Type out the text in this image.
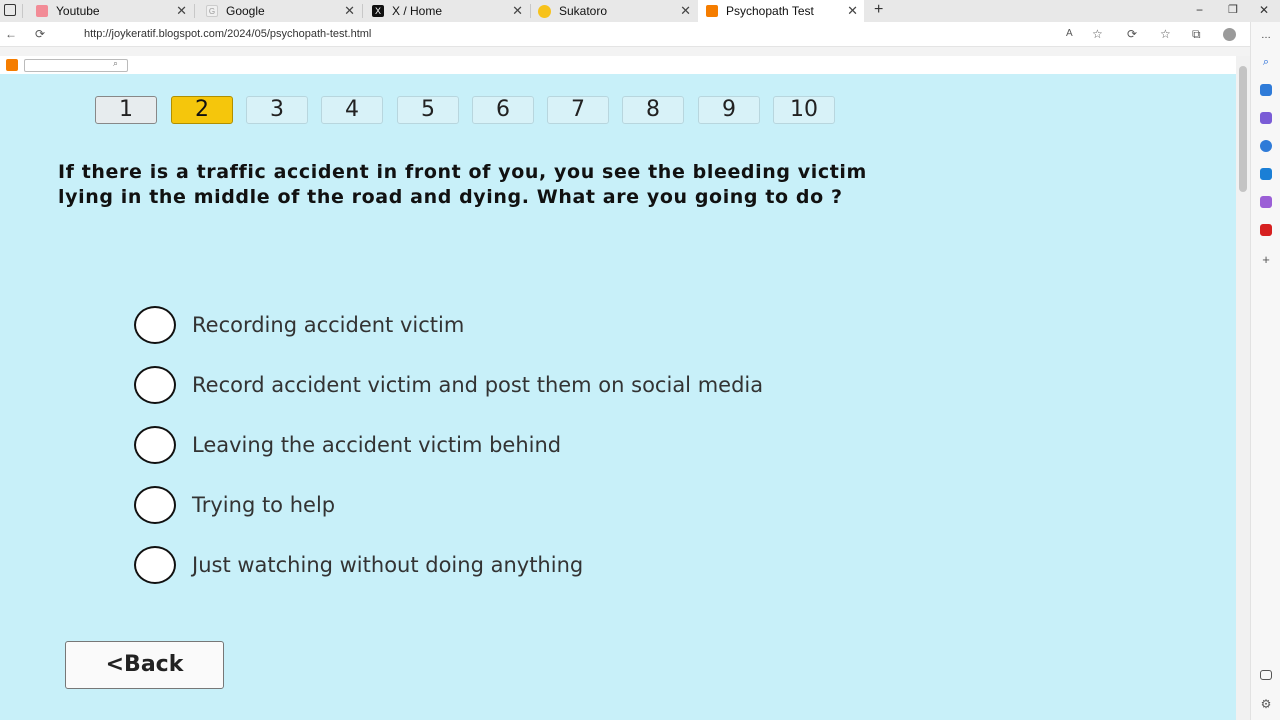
Youtube	✕	G Google	✕	X X / Home	✕	Sukatoro	✕	Psychopath Test	✕ +	− ❐ ✕
← ⟳	http://joykeratif.blogspot.com/2024/05/psychopath-test.html	A ☆ ⟳ ☆ ⧉
⌕
1	2	3	4	5	6	7	8	9	10
If there is a traffic accident in front of you, you see the bleeding victim lying in the middle of the road and dying. What are you going to do ?
Recording accident victim
Record accident victim and post them on social media
Leaving the accident victim behind
Trying to help
Just watching without doing anything
<Back
…
⌕
+
⚙
